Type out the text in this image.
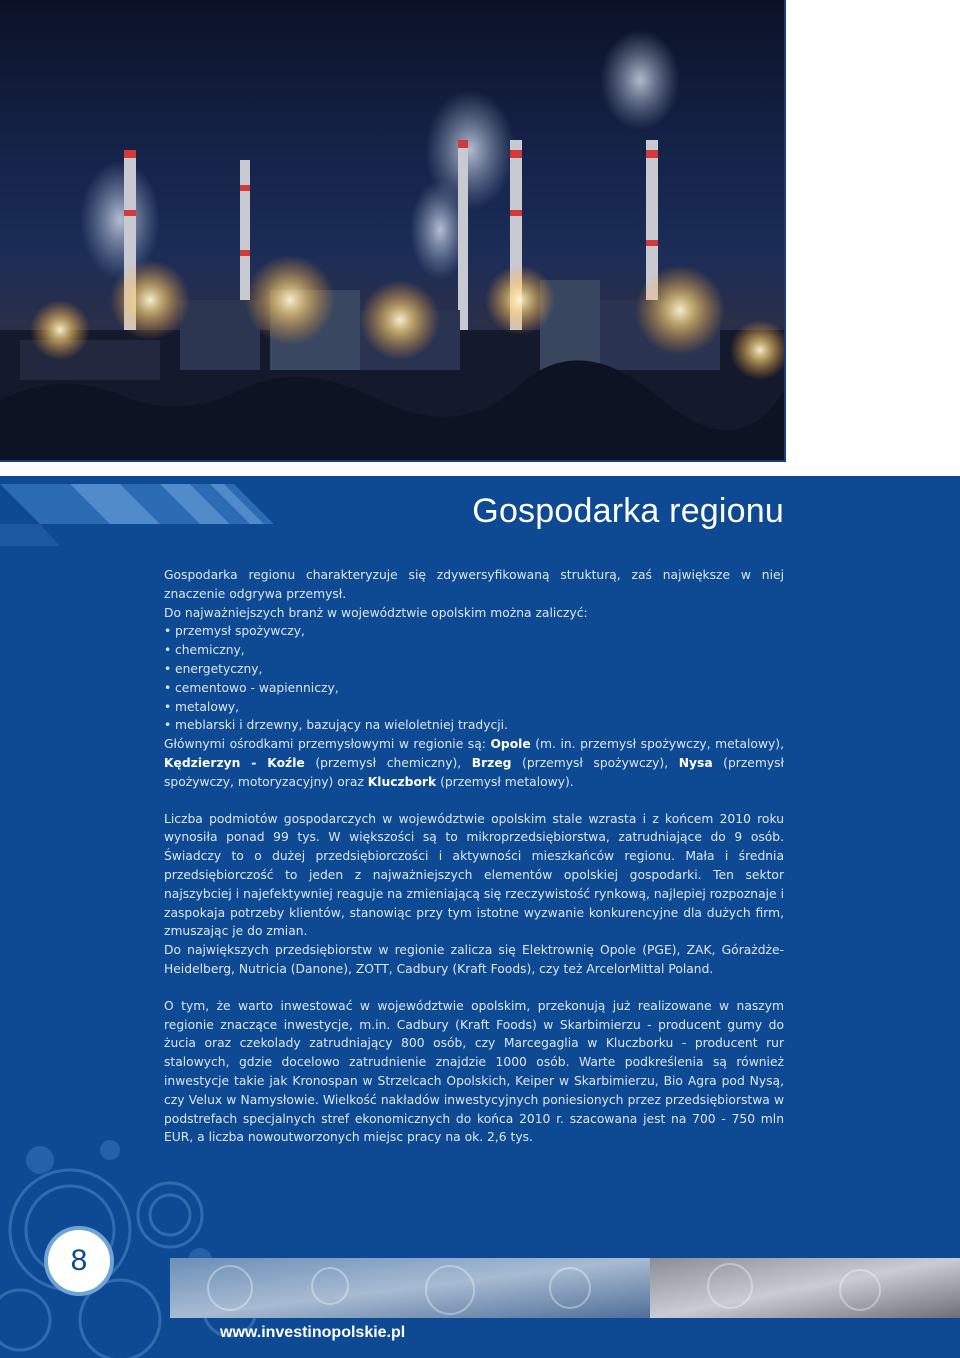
Gospodarka regionu

Gospodarka regionu charakteryzuje się zdywersyfikowaną strukturą, zaś największe w niej znaczenie odgrywa przemysł.

Do najważniejszych branż w województwie opolskim można zaliczyć:

• przemysł spożywczy,
• chemiczny,
• energetyczny,
• cementowo - wapienniczy,
• metalowy,
• meblarski i drzewny, bazujący na wieloletniej tradycji.

Głównymi ośrodkami przemysłowymi w regionie są: Opole (m. in. przemysł spożywczy, metalowy), Kędzierzyn - Koźle (przemysł chemiczny), Brzeg (przemysł spożywczy), Nysa (przemysł spożywczy, motoryzacyjny) oraz Kluczbork (przemysł metalowy).

Liczba podmiotów gospodarczych w województwie opolskim stale wzrasta i z końcem 2010 roku wynosiła ponad 99 tys. W większości są to mikroprzedsiębiorstwa, zatrudniające do 9 osób. Świadczy to o dużej przedsiębiorczości i aktywności mieszkańców regionu. Mała i średnia przedsiębiorczość to jeden z najważniejszych elementów opolskiej gospodarki. Ten sektor najszybciej i najefektywniej reaguje na zmieniającą się rzeczywistość rynkową, najlepiej rozpoznaje i zaspokaja potrzeby klientów, stanowiąc przy tym istotne wyzwanie konkurencyjne dla dużych firm, zmuszając je do zmian.

Do największych przedsiębiorstw w regionie zalicza się Elektrownię Opole (PGE), ZAK, Górażdże-Heidelberg, Nutricia (Danone), ZOTT, Cadbury (Kraft Foods), czy też ArcelorMittal Poland.

O tym, że warto inwestować w województwie opolskim, przekonują już realizowane w naszym regionie znaczące inwestycje, m.in. Cadbury (Kraft Foods) w Skarbimierzu - producent gumy do żucia oraz czekolady zatrudniający 800 osób, czy Marcegaglia w Kluczborku - producent rur stalowych, gdzie docelowo zatrudnienie znajdzie 1000 osób. Warte podkreślenia są również inwestycje takie jak Kronospan w Strzelcach Opolskich, Keiper w Skarbimierzu, Bio Agra pod Nysą, czy Velux w Namysłowie. Wielkość nakładów inwestycyjnych poniesionych przez przedsiębiorstwa w podstrefach specjalnych stref ekonomicznych do końca 2010 r. szacowana jest na 700 - 750 mln EUR, a liczba nowoutworzonych miejsc pracy na ok. 2,6 tys.

8
www.investinopolskie.pl
